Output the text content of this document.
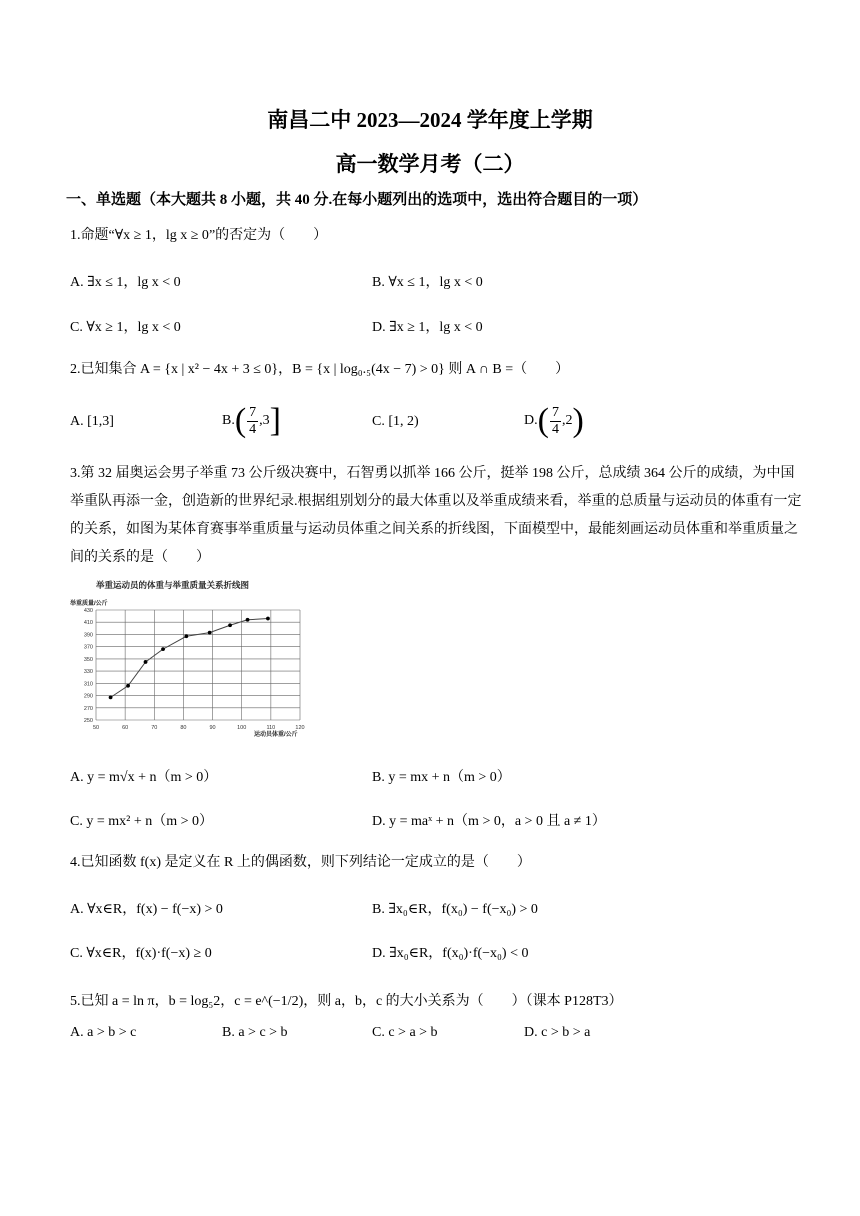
南昌二中 2023—2024 学年度上学期
高一数学月考（二）
一、单选题（本大题共 8 小题，共 40 分.在每小题列出的选项中，选出符合题目的一项）
1.命题“∀x ≥ 1，lg x ≥ 0”的否定为（　　）
A. ∃x ≤ 1，lg x < 0	B. ∀x ≤ 1，lg x < 0
C. ∀x ≥ 1，lg x < 0	D. ∃x ≥ 1，lg x < 0
2.已知集合 A = {x | x² − 4x + 3 ≤ 0}，B = {x | log₀.₅(4x − 7) > 0} 则 A ∩ B =（　　）
A. [1,3]	$B.( \frac{7}{4} ,3]$	C. [1, 2)	$D.( \frac{7}{4} ,2)$
3.第 32 届奥运会男子举重 73 公斤级决赛中，石智勇以抓举 166 公斤，挺举 198 公斤，总成绩 364 公斤的成绩，为中国举重队再添一金，创造新的世界纪录.根据组别划分的最大体重以及举重成绩来看，举重的总质量与运动员的体重有一定的关系，如图为某体育赛事举重质量与运动员体重之间关系的折线图，下面模型中，最能刻画运动员体重和举重质量之间的关系的是（　　）
举重运动员的体重与举重质量关系折线图
举重质量/公斤
运动员体重/公斤
50	60	70	80	90	100	110	120
250
270
290
310
330
350
370
390
410
430
A. y = m√x + n（m > 0）	B. y = mx + n（m > 0）
C. y = mx² + n（m > 0）	D. y = maˣ + n（m > 0，a > 0 且 a ≠ 1）
4.已知函数 f(x) 是定义在 R 上的偶函数，则下列结论一定成立的是（　　）
A. ∀x∈R，f(x) − f(−x) > 0	B. ∃x₀∈R，f(x₀) − f(−x₀) > 0
C. ∀x∈R，f(x)·f(−x) ≥ 0	D. ∃x₀∈R，f(x₀)·f(−x₀) < 0
5.已知 a = ln π，b = log₅2，c = e^(−1/2)，则 a，b，c 的大小关系为（　　）（课本 P128T3）
A. a > b > c	B. a > c > b	C. c > a > b	D. c > b > a
